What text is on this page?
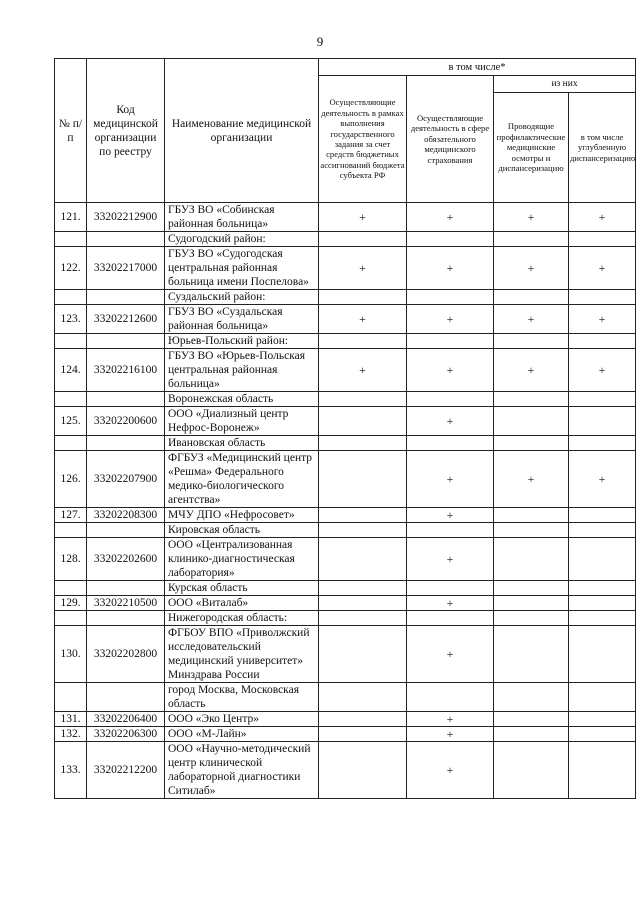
9
№ п/п	Код медицинской организации по реестру	Наименование медицинской организации	в том числе*			
			Осуществляющие деятельность в рамках выполнения государственного задания за счет средств бюджетных ассигнований бюджета субъекта РФ	Осуществляющие деятельность в сфере обязательного медицинского страхования	из них	
					Проводящие профилактические медицинские осмотры и диспансеризацию	в том числе углубленную диспансеризацию
121.	33202212900	ГБУЗ ВО «Собинская районная больница»	+	+	+	+
		Судогодский район:				
122.	33202217000	ГБУЗ ВО «Судогодская центральная районная больница имени Поспелова»	+	+	+	+
		Суздальский район:				
123.	33202212600	ГБУЗ ВО «Суздальская районная больница»	+	+	+	+
		Юрьев-Польский район:				
124.	33202216100	ГБУЗ ВО «Юрьев-Польская центральная районная больница»	+	+	+	+
		Воронежская область				
125.	33202200600	ООО «Диализный центр Нефрос-Воронеж»		+		
		Ивановская область				
126.	33202207900	ФГБУЗ «Медицинский центр «Решма» Федерального медико-биологического агентства»		+	+	+
127.	33202208300	МЧУ ДПО «Нефросовет»		+		
		Кировская область				
128.	33202202600	ООО «Централизованная клинико-диагностическая лаборатория»		+		
		Курская область				
129.	33202210500	ООО «Виталаб»		+		
		Нижегородская область:				
130.	33202202800	ФГБОУ ВПО «Приволжский исследовательский медицинский университет» Минздрава России		+		
		город Москва, Московская область				
131.	33202206400	ООО «Эко Центр»		+		
132.	33202206300	ООО «М-Лайн»		+		
133.	33202212200	ООО «Научно-методический центр клинической лабораторной диагностики Ситилаб»		+		
